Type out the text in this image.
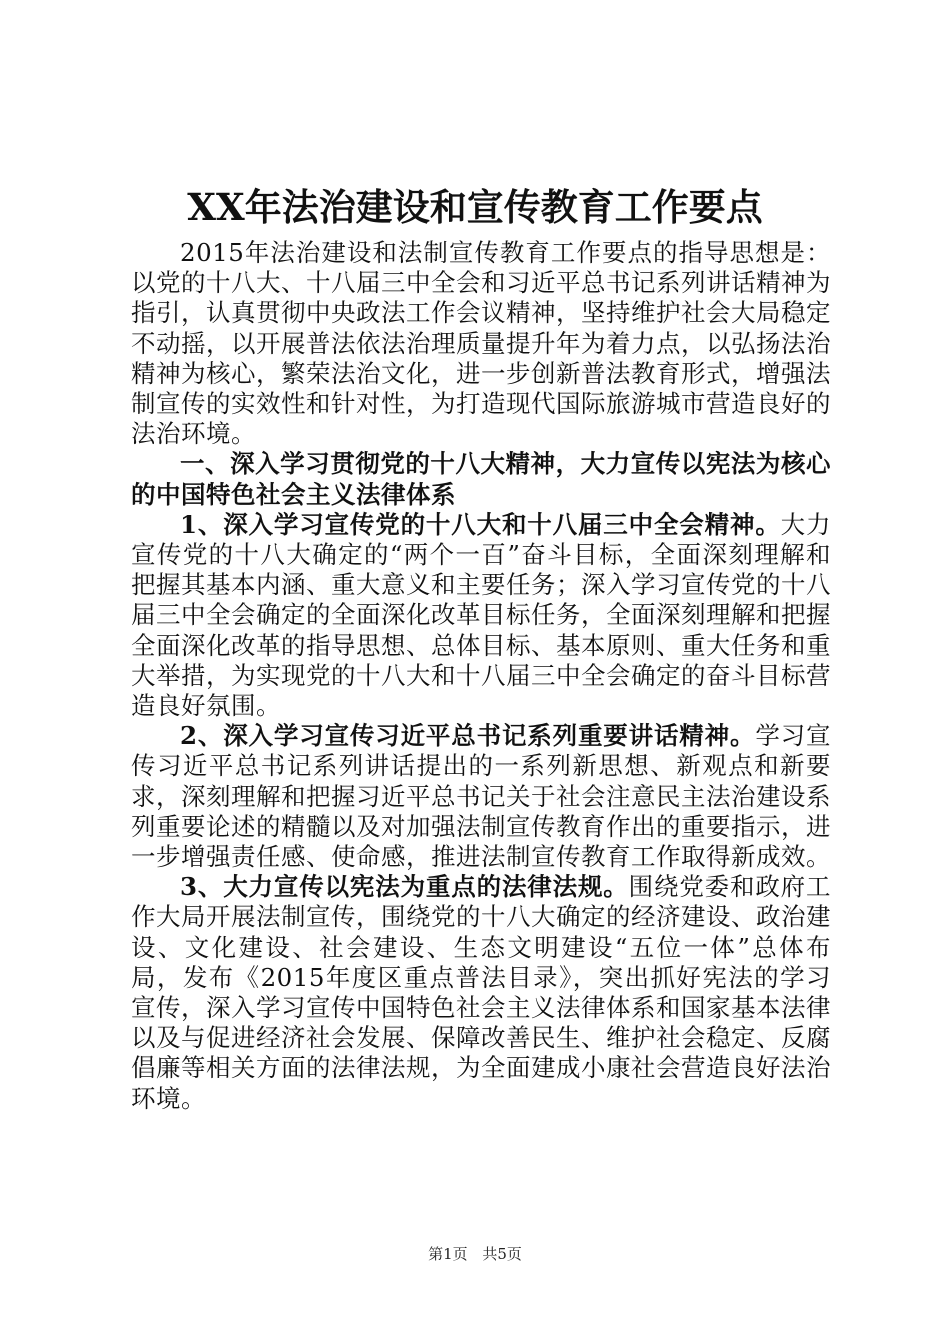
XX年法治建设和宣传教育工作要点

2015年法治建设和法制宣传教育工作要点的指导思想是：以党的十八大、十八届三中全会和习近平总书记系列讲话精神为指引，认真贯彻中央政法工作会议精神，坚持维护社会大局稳定不动摇，以开展普法依法治理质量提升年为着力点，以弘扬法治精神为核心，繁荣法治文化，进一步创新普法教育形式，增强法制宣传的实效性和针对性，为打造现代国际旅游城市营造良好的法治环境。

一、深入学习贯彻党的十八大精神，大力宣传以宪法为核心的中国特色社会主义法律体系

1、深入学习宣传党的十八大和十八届三中全会精神。大力宣传党的十八大确定的“两个一百”奋斗目标，全面深刻理解和把握其基本内涵、重大意义和主要任务；深入学习宣传党的十八届三中全会确定的全面深化改革目标任务，全面深刻理解和把握全面深化改革的指导思想、总体目标、基本原则、重大任务和重大举措，为实现党的十八大和十八届三中全会确定的奋斗目标营造良好氛围。

2、深入学习宣传习近平总书记系列重要讲话精神。学习宣传习近平总书记系列讲话提出的一系列新思想、新观点和新要求，深刻理解和把握习近平总书记关于社会注意民主法治建设系列重要论述的精髓以及对加强法制宣传教育作出的重要指示，进一步增强责任感、使命感，推进法制宣传教育工作取得新成效。

3、大力宣传以宪法为重点的法律法规。围绕党委和政府工作大局开展法制宣传，围绕党的十八大确定的经济建设、政治建设、文化建设、社会建设、生态文明建设“五位一体”总体布局，发布《2015年度区重点普法目录》，突出抓好宪法的学习宣传，深入学习宣传中国特色社会主义法律体系和国家基本法律以及与促进经济社会发展、保障改善民生、维护社会稳定、反腐倡廉等相关方面的法律法规，为全面建成小康社会营造良好法治环境。

第1页 共5页
